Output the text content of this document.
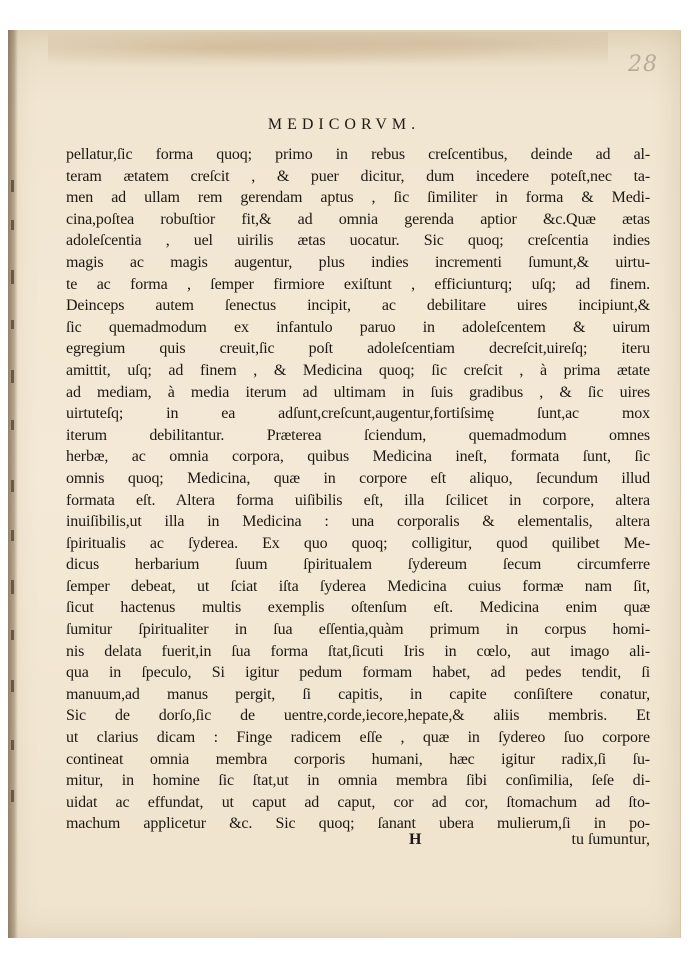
28
MEDICORVM.
pellatur,ſic forma quoq; primo in rebus creſcentibus, deinde ad al-
teram ætatem creſcit , & puer dicitur, dum incedere poteſt,nec ta-
men ad ullam rem gerendam aptus , ſic ſimiliter in forma & Medi-
cina,poſtea robuſtior fit,& ad omnia gerenda aptior &c.Quæ ætas
adoleſcentia , uel uirilis ætas uocatur. Sic quoq; creſcentia indies
magis ac magis augentur, plus indies incrementi ſumunt,& uirtu-
te ac forma , ſemper firmiore exiſtunt , efficiunturq; uſq; ad finem.
Deinceps autem ſenectus incipit, ac debilitare uires incipiunt,&
ſic quemadmodum ex infantulo paruo in adoleſcentem & uirum
egregium quis creuit,ſic poſt adoleſcentiam decreſcit,uireſq; iteru
amittit, uſq; ad finem , & Medicina quoq; ſic creſcit , à prima ætate
ad mediam, à media iterum ad ultimam in ſuis gradibus , & ſic uires
uirtuteſq; in ea adſunt,creſcunt,augentur,fortiſsimę ſunt,ac mox
iterum debilitantur. Præterea ſciendum, quemadmodum omnes
herbæ, ac omnia corpora, quibus Medicina ineſt, formata ſunt, ſic
omnis quoq; Medicina, quæ in corpore eſt aliquo, ſecundum illud
formata eſt. Altera forma uiſibilis eſt, illa ſcilicet in corpore, altera
inuiſibilis,ut illa in Medicina : una corporalis & elementalis, altera
ſpiritualis ac ſyderea. Ex quo quoq; colligitur, quod quilibet Me-
dicus herbarium ſuum ſpiritualem ſydereum ſecum circumferre
ſemper debeat, ut ſciat iſta ſyderea Medicina cuius formæ nam ſit,
ſicut hactenus multis exemplis oſtenſum eſt. Medicina enim quæ
ſumitur ſpiritualiter in ſua eſſentia,quàm primum in corpus homi-
nis delata fuerit,in ſua forma ſtat,ſicuti Iris in cœlo, aut imago ali-
qua in ſpeculo, Si igitur pedum formam habet, ad pedes tendit, ſi
manuum,ad manus pergit, ſi capitis, in capite conſiſtere conatur,
Sic de dorſo,ſic de uentre,corde,iecore,hepate,& aliis membris. Et
ut clarius dicam : Finge radicem eſſe , quæ in ſydereo ſuo corpore
contineat omnia membra corporis humani, hæc igitur radix,ſi ſu-
mitur, in homine ſic ſtat,ut in omnia membra ſibi conſimilia, ſeſe di-
uidat ac effundat, ut caput ad caput, cor ad cor, ſtomachum ad ſto-
machum applicetur &c. Sic quoq; ſanant ubera mulierum,ſi in po-
H	tu ſumuntur,
